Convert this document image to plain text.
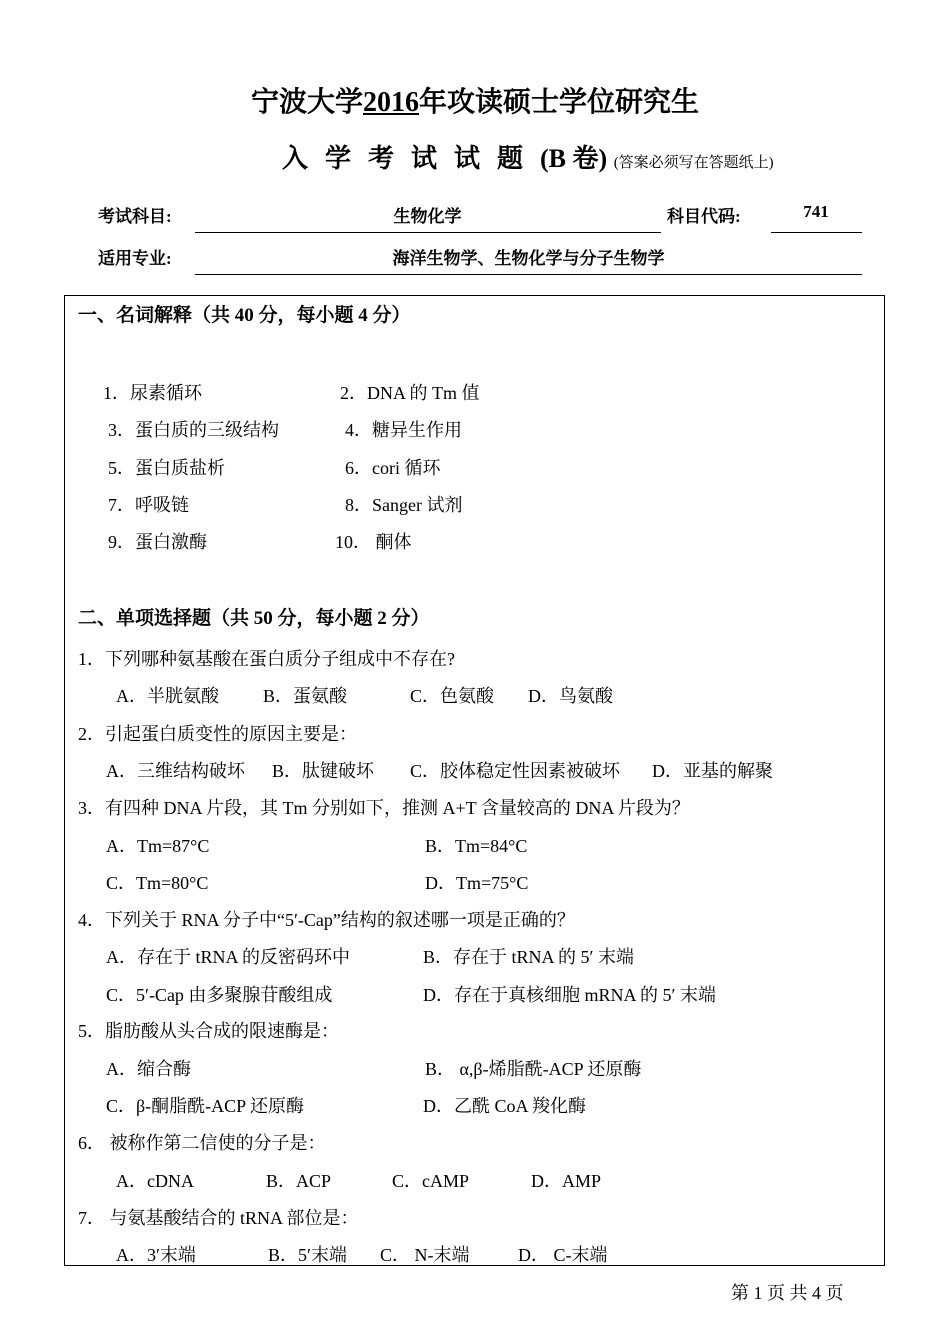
宁波大学2016年攻读硕士学位研究生
入学考试试题(B 卷) (答案必须写在答题纸上)
考试科目:	生物化学	科目代码:	741
适用专业:	海洋生物学、生物化学与分子生物学
一、名词解释（共 40 分，每小题 4 分）
1．尿素循环	2．DNA 的 Tm 值
3．蛋白质的三级结构	4．糖异生作用
5．蛋白质盐析	6．cori 循环
7．呼吸链	8．Sanger 试剂
9．蛋白激酶	10． 酮体
二、单项选择题（共 50 分，每小题 2 分）
1．下列哪种氨基酸在蛋白质分子组成中不存在?
A．半胱氨酸 B．蛋氨酸	C．色氨酸 D．鸟氨酸
2．引起蛋白质变性的原因主要是：
A．三维结构破坏 B．肽键破坏 C．胶体稳定性因素被破坏 D．亚基的解聚
3．有四种 DNA 片段，其 Tm 分别如下，推测 A+T 含量较高的 DNA 片段为？
A．Tm=87°C	B．Tm=84°C
C．Tm=80°C	D．Tm=75°C
4．下列关于 RNA 分子中“5′-Cap”结构的叙述哪一项是正确的？
A．存在于 tRNA 的反密码环中	B．存在于 tRNA 的 5′ 末端
C．5′-Cap 由多聚腺苷酸组成	D．存在于真核细胞 mRNA 的 5′ 末端
5．脂肪酸从头合成的限速酶是：
A．缩合酶	B． α,β-烯脂酰-ACP 还原酶
C．β-酮脂酰-ACP 还原酶	D．乙酰 CoA 羧化酶
6． 被称作第二信使的分子是：
A．cDNA	B．ACP	C．cAMP	D．AMP
7． 与氨基酸结合的 tRNA 部位是：
A．3′末端	B．5′末端 C． N-末端	D． C-末端
第 1 页 共 4 页
